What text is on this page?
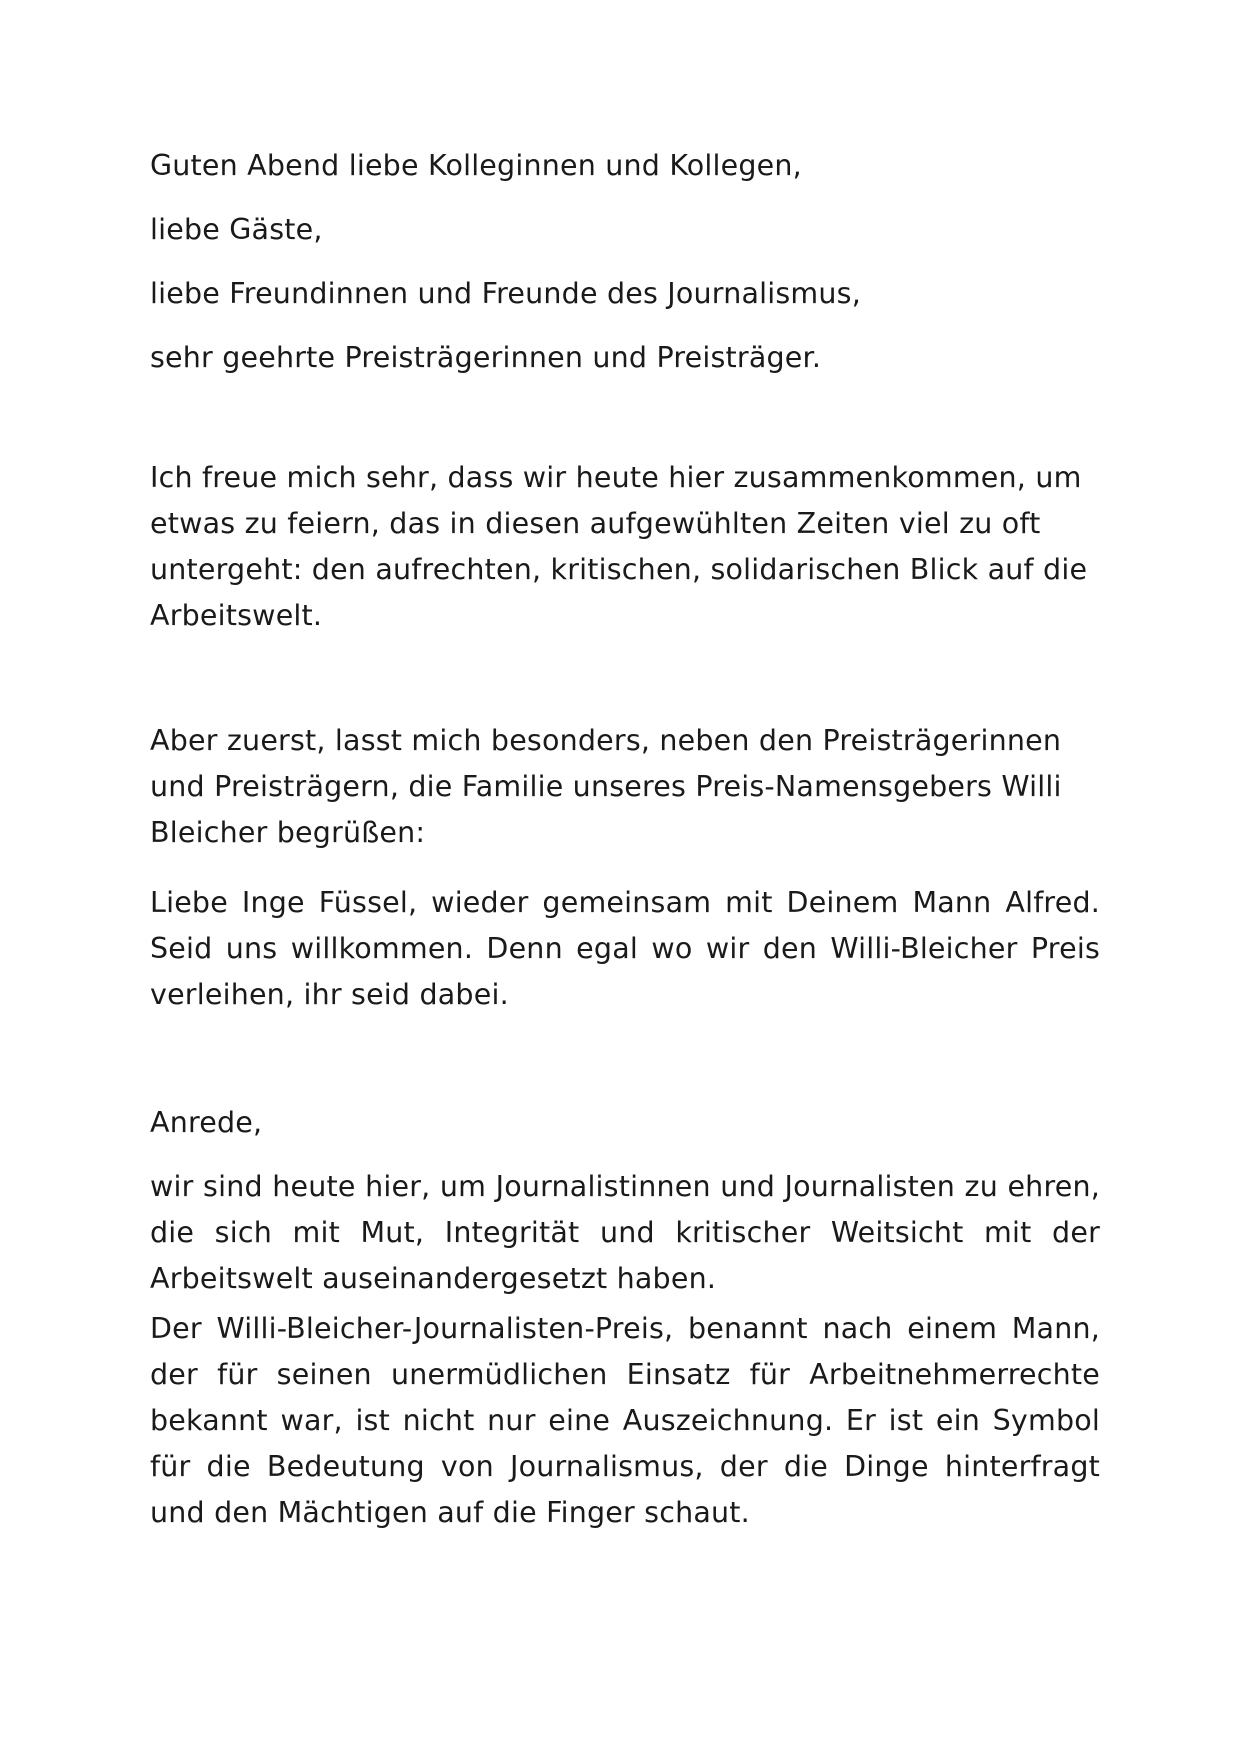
Guten Abend liebe Kolleginnen und Kollegen,

liebe Gäste,

liebe Freundinnen und Freunde des Journalismus,

sehr geehrte Preisträgerinnen und Preisträger.

Ich freue mich sehr, dass wir heute hier zusammenkommen, um etwas zu feiern, das in diesen aufgewühlten Zeiten viel zu oft untergeht: den aufrechten, kritischen, solidarischen Blick auf die Arbeitswelt.

Aber zuerst, lasst mich besonders, neben den Preisträgerinnen und Preisträgern, die Familie unseres Preis-Namensgebers Willi Bleicher begrüßen:

Liebe Inge Füssel, wieder gemeinsam mit Deinem Mann Alfred. Seid uns willkommen. Denn egal wo wir den Willi-Bleicher Preis verleihen, ihr seid dabei.

Anrede,

wir sind heute hier, um Journalistinnen und Journalisten zu ehren, die sich mit Mut, Integrität und kritischer Weitsicht mit der Arbeitswelt auseinandergesetzt haben.

Der Willi-Bleicher-Journalisten-Preis, benannt nach einem Mann, der für seinen unermüdlichen Einsatz für Arbeitnehmerrechte bekannt war, ist nicht nur eine Auszeichnung. Er ist ein Symbol für die Bedeutung von Journalismus, der die Dinge hinterfragt und den Mächtigen auf die Finger schaut.
